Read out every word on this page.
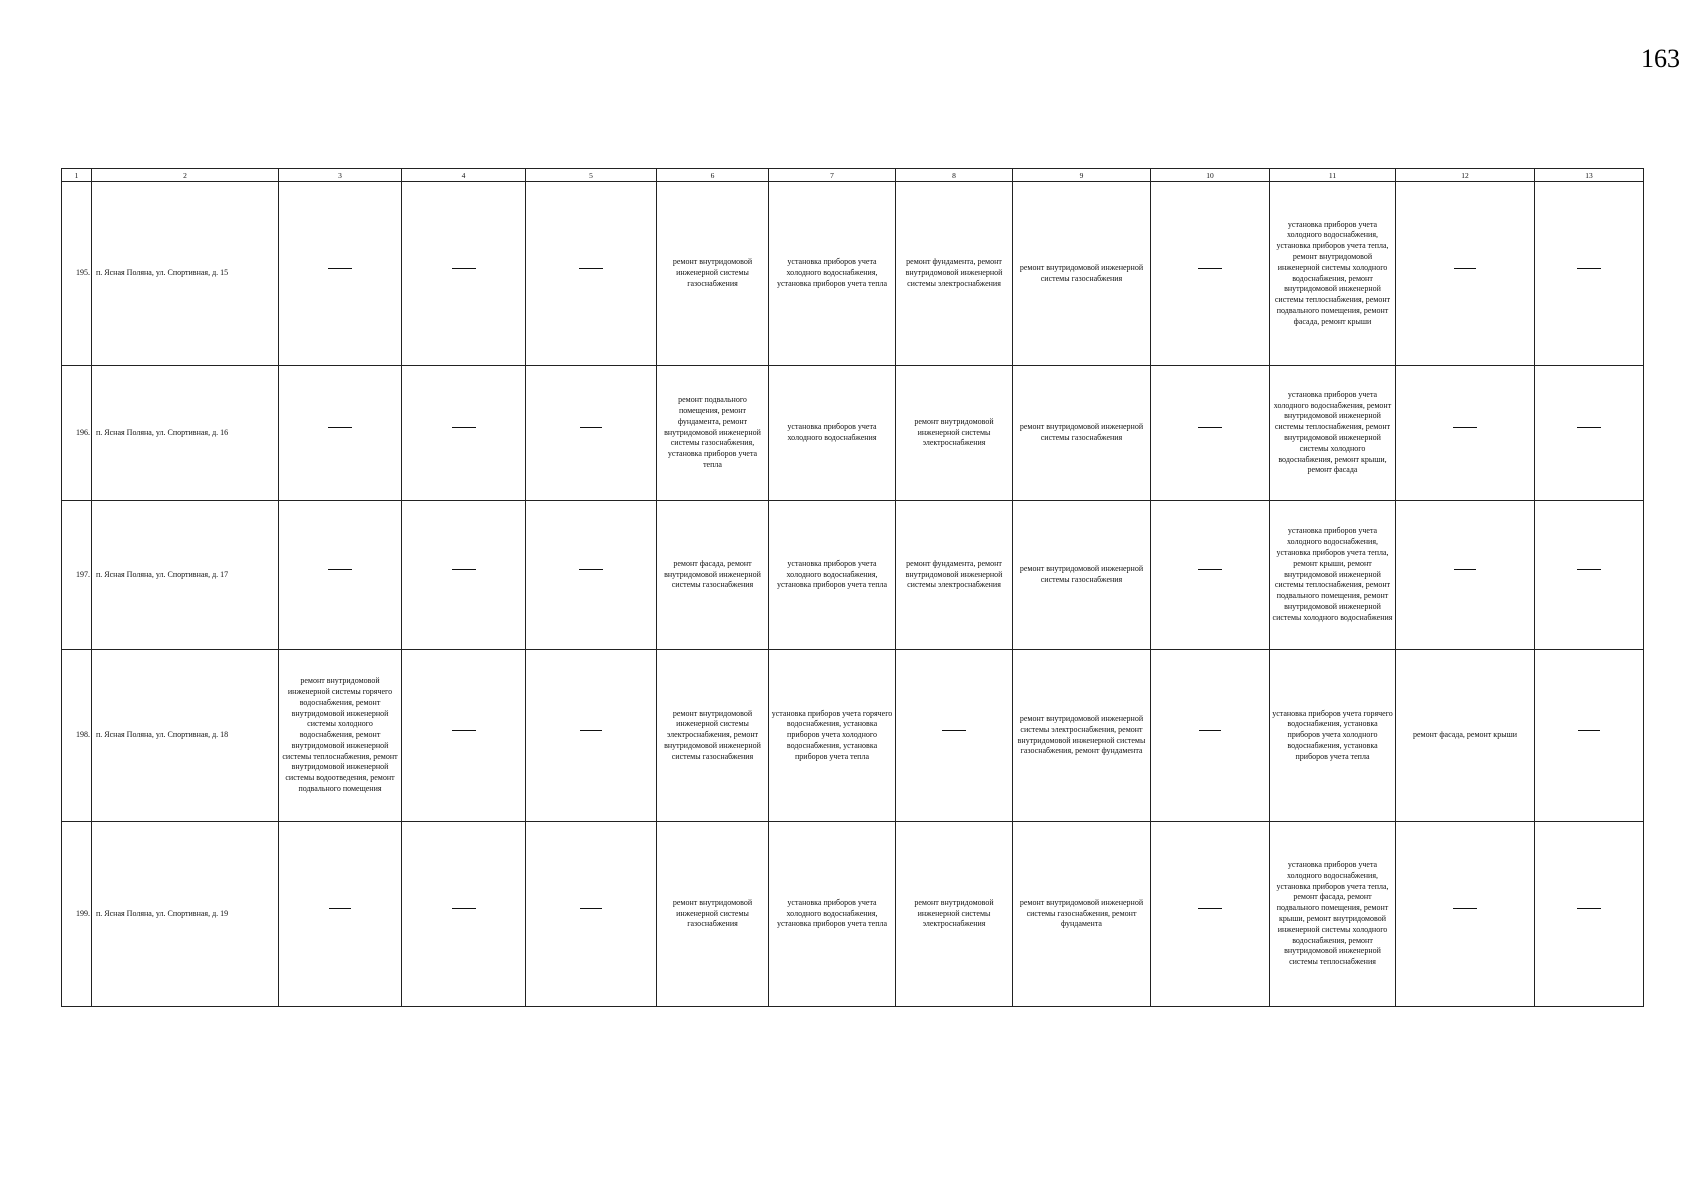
163
1	2	3	4	5	6	7	8	9	10	11	12	13
195.	п. Ясная Поляна, ул. Спортивная, д. 15				ремонт внутридомовой инженерной системы газоснабжения	установка приборов учета холодного водоснабжения, установка приборов учета тепла	ремонт фундамента, ремонт внутридомовой инженерной системы электроснабжения	ремонт внутридомовой инженерной системы газоснабжения		установка приборов учета холодного водоснабжения, установка приборов учета тепла, ремонт внутридомовой инженерной системы холодного водоснабжения, ремонт внутридомовой инженерной системы теплоснабжения, ремонт подвального помещения, ремонт фасада, ремонт крыши		
196.	п. Ясная Поляна, ул. Спортивная, д. 16				ремонт подвального помещения, ремонт фундамента, ремонт внутридомовой инженерной системы газоснабжения, установка приборов учета тепла	установка приборов учета холодного водоснабжения	ремонт внутридомовой инженерной системы электроснабжения	ремонт внутридомовой инженерной системы газоснабжения		установка приборов учета холодного водоснабжения, ремонт внутридомовой инженерной системы теплоснабжения, ремонт внутридомовой инженерной системы холодного водоснабжения, ремонт крыши, ремонт фасада		
197.	п. Ясная Поляна, ул. Спортивная, д. 17				ремонт фасада, ремонт внутридомовой инженерной системы газоснабжения	установка приборов учета холодного водоснабжения, установка приборов учета тепла	ремонт фундамента, ремонт внутридомовой инженерной системы электроснабжения	ремонт внутридомовой инженерной системы газоснабжения		установка приборов учета холодного водоснабжения, установка приборов учета тепла, ремонт крыши, ремонт внутридомовой инженерной системы теплоснабжения, ремонт подвального помещения, ремонт внутридомовой инженерной системы холодного водоснабжения		
198.	п. Ясная Поляна, ул. Спортивная, д. 18	ремонт внутридомовой инженерной системы горячего водоснабжения, ремонт внутридомовой инженерной системы холодного водоснабжения, ремонт внутридомовой инженерной системы теплоснабжения, ремонт внутридомовой инженерной системы водоотведения, ремонт подвального помещения			ремонт внутридомовой инженерной системы электроснабжения, ремонт внутридомовой инженерной системы газоснабжения	установка приборов учета горячего водоснабжения, установка приборов учета холодного водоснабжения, установка приборов учета тепла		ремонт внутридомовой инженерной системы электроснабжения, ремонт внутридомовой инженерной системы газоснабжения, ремонт фундамента		установка приборов учета горячего водоснабжения, установка приборов учета холодного водоснабжения, установка приборов учета тепла	ремонт фасада, ремонт крыши	
199.	п. Ясная Поляна, ул. Спортивная, д. 19				ремонт внутридомовой инженерной системы газоснабжения	установка приборов учета холодного водоснабжения, установка приборов учета тепла	ремонт внутридомовой инженерной системы электроснабжения	ремонт внутридомовой инженерной системы газоснабжения, ремонт фундамента		установка приборов учета холодного водоснабжения, установка приборов учета тепла, ремонт фасада, ремонт подвального помещения, ремонт крыши, ремонт внутридомовой инженерной системы холодного водоснабжения, ремонт внутридомовой инженерной системы теплоснабжения		
